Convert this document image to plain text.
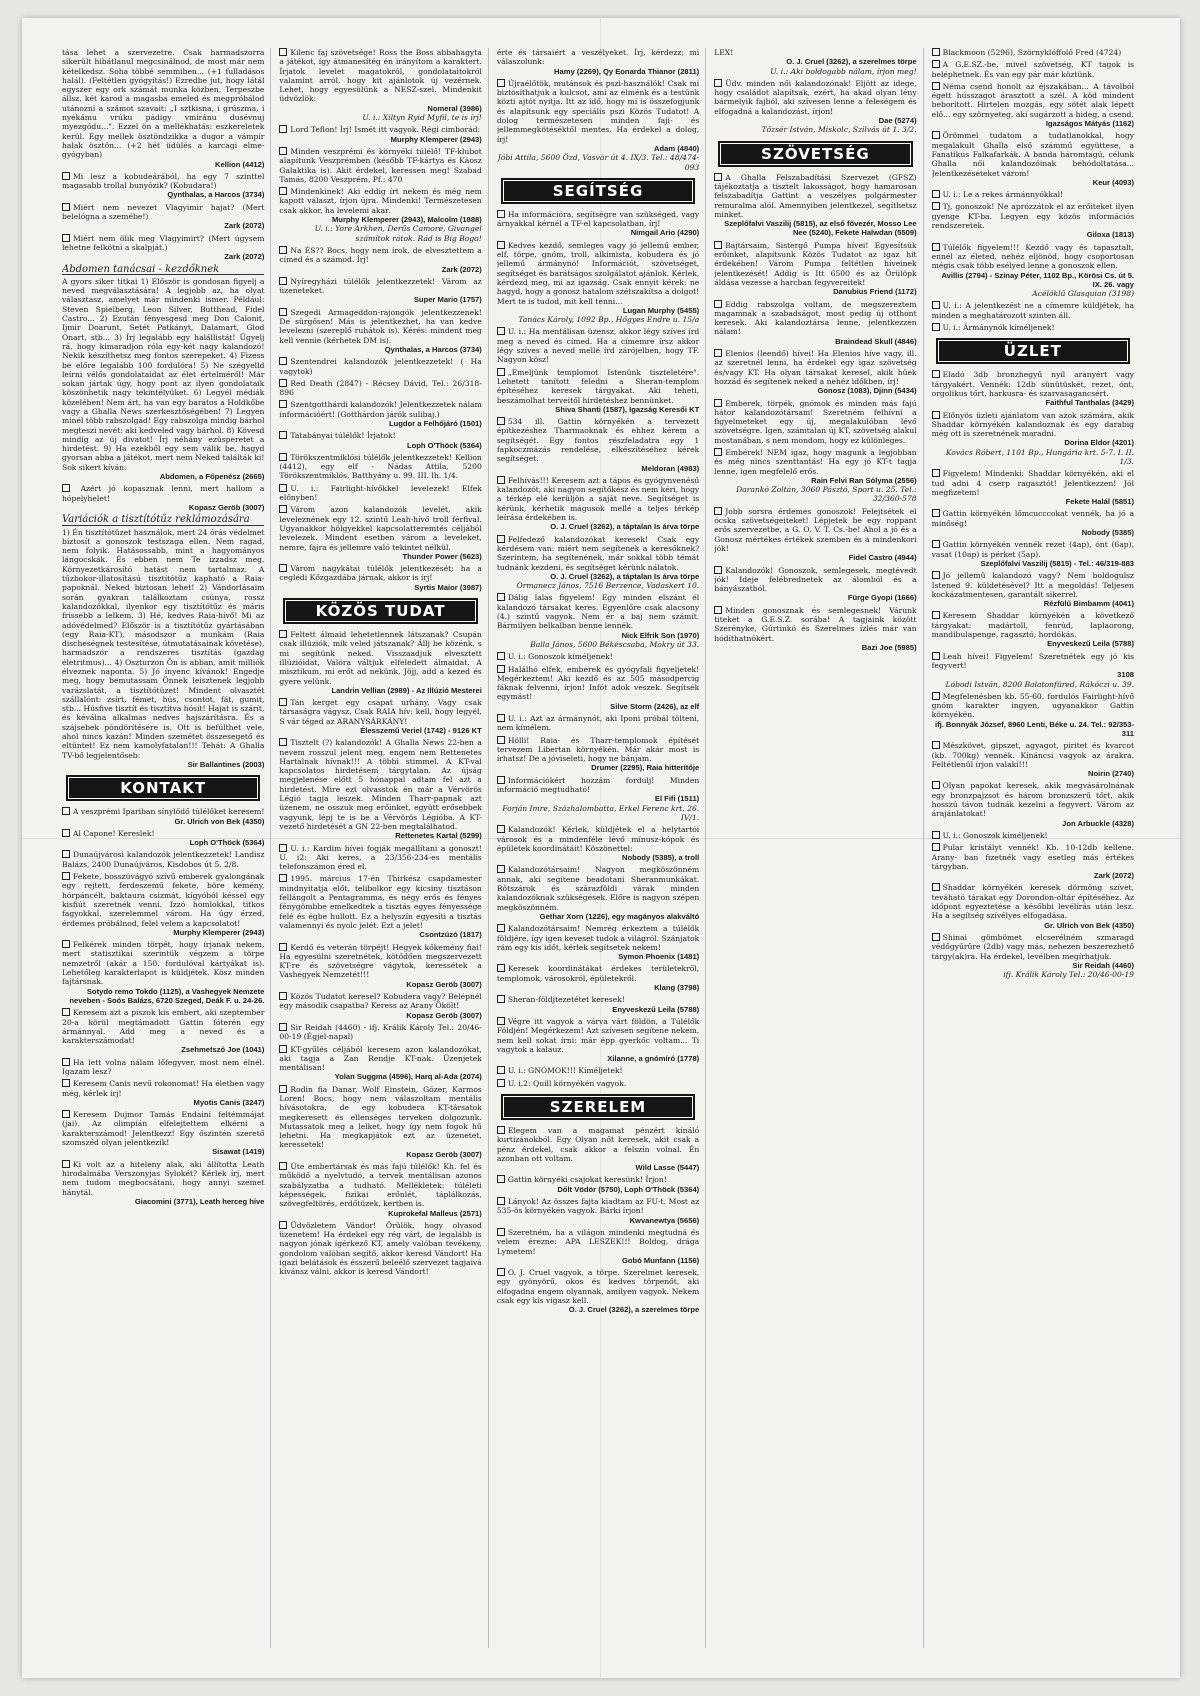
tása lehet a szervezetre. Csak harmadszorra sikerült hibátlanul megcsinálnod, de most már nem kételkedsz. Soha többé semmiben... (+1 fulladásos halál). (Feltétlen gyógyítás!) Ezredbe jut, hogy látál egyszer egy ork számát munka közben. Terpeszbe állsz, két karod a magasba emeled és megpróbálod utánozni a számot szavait: „I sztkisna, i grúszma, i nyékámu vrúku pádigy vmiránu dusévnuj myezgódu...". Ezzel ön a mellékhatás: eszkereletek kerül. Egy mellek ösztöndzikka a dugor a vámpír halak ösztön... (+2 hét üdülés a karcagi elme-gyógyban)
Kellion (4412)
Mi lesz a kobudeárából, ha egy 7 szinttel magasabb trollal bunyózik? (Kobudara!)
Qynthalas, a Harcos (3734)
Miért nem nevezet Vlagyimir hajat? (Mert belelógna a szemébe!)
Zark (2072)
Miért nem ölik meg Vlagyimirt? (Mert úgysem lehetne felkötni a skalpját.)
Zark (2072)
Abdomen tanácsai - kezdőknek
A gyors siker titkai 1) Először is gondosan figyelj a neved megválasztására! A legjobb az, ha olyat választasz, amelyet már mindenki ismer. Például: Steven Spielberg, Leon Silver, Butthead, Fidel Castro... 2) Ezután fényesgesd meg Don Calonit, Ijmir Doarunt, Setét Patkányt, Dalamart, Glod Onart, stb... 3) Írj legalább egy halállistát! Ügyelj rá, hogy kimaradjon róla egy-két nagy kalandozó! Nekik készíthetsz meg fontos szerepeket. 4) Fizess be előre legalább 100 fordulóra! 5) Ne szégyelld leírni vélős gondolataidat az élet értelméről! Már sokan jártak úgy, hogy pont az ilyen gondolataik köszönhetik nagy tekintélyüket. 6) Legyél médiák közelében! Nem árt, ha van egy barátos a Holdkőbe vagy a Ghalla News szerkesztőségében! 7) Legyen minél több rabszolgád! Egy rabszolga mindig bárhol megteszi nevét: aki kedveled vagy bárhol. 8) Kövesd mindig az új divatot! Írj néhány ezüsperetet a hirdetést. 9) Ha ezekből egy sem válik be, hagyd gyorsan abba a játékot, mert nem Neked találták ki! Sok sikert kíván:
Abdomen, a Főpenész (2665)
Azért jó kopasznak lenni, mert hallom a hópelyhelet!
Kopasz Geröb (3007)
Variációk a tisztítótűz reklámozására
1) Én tisztítótüzet használok, mert 24 órás védelmet biztosít a gonoszok testszaga ellen. Nem ragad, nem folyik. Hatásossabb, mint a hagyományos lángocskák. És ebben nem Te izzadsz meg. Környezetkárosító hatást nem tartalmaz. A tűzbokor-illatosítású tisztítótűz kapható a Raia-papoknál. Neked biztosan lehet! 2) Vándorlásaim során gyakran találkoztam csúnya, rossz kalandozókkal, ilyenkor egy tisztítótűz és máris frissebb a lelkem. 3) Hé, kedves Raia-hívő! Mi az adóvédelmed? Először is a tisztítótűz gyártásában (egy Raia-KT), másodszor a munkám (Raia discheségnek testesítése, útmutatásainak követése), harmadszor a rendszeres tisztítás (gazdag életritmus)... 4) Oszturzon Ön is abban, amit milliók élveznek naponta. 5) Jó ínyenc kívánok! Engedje meg, hogy bemutassam Önnek leisztenek legjobb varázslatát, a tisztítótüzet! Mindent olvasztét szállalónt: zsírt, fémet, hús, csontot, fát, gumit, stb... Húsfive tisztít és tisztítva hósít! Hajat is szárít, és kéválna alkalmas nedves hajszárításra. És a szájsebek póndörítésére is. Ott is befúlthet vele, ahol nincs kazán! Minden szemétet összesegető és eltüntet! Ez nem kamolyfatalan!!! Tehát: A Ghalla TV-bő legjelentőseb:
Sir Ballantines (2003)
KONTAKT
A veszprémi Ipariban sínylődő túlélőket keresem!
Gr. Ulrich von Bek (4350)
Al Capone! Kereslek!
Loph O'Thöck (5364)
Dunaújvárosi kalandozók jelentkezzetek! Landisz Balázs, 2400 Dunaújváros, Kisdobos út 5. 2/8.
Fekete, bosszúvágyó szívű emberek gyalongának egy rejtett, ferdeszemű fekete, böre kemény, hórpáncélt, baktaura csizmát, kígyóból késsel egy kisfiút szeretnék venni. Izzó homlokkal, titkos fagyokkal, szerelemmel várom. Ha úgy érzed, érdemes próbálnod, felel velem a kapcsolatot!
Murphy Klemperer (2943)
Felkérek minden törpét, hogy írjanak nekem, mert statisztikai szerintük végzem a törpe nemzetről (akár a 150. fordulóval kártyákat is). Lehetőleg karakterlapot is küldjétek. Kösz minden fajtársnak.
Sotydo remo Tokdo (1125), a Vashegyek Nemzete neveben - Soós Balázs, 6720 Szeged, Deák F. u. 24-26.
Keresem azt a piszok kis embert, aki szeptember 20-a körül megtámadott Gattin fóterén egy ármánnyal. Add meg a neved és a karakterszámodat!
Zsehmetszó Joe (1041)
Ha lett volna nálam lőfegyver, most nem élnél. Igazam lesz?
Keresem Canis nevű rokonomat! Ha életben vagy még, kérlek írj!
Myotis Canis (3247)
Keresem Dujmor Tamás Endaini feltémmájat (jai). Az olimpián elfelejtettem elkérni a karakterszámod! Jelentkezz! Egy őszintén szerető szomszéd olyan jelentkezik!
Sisawat (1419)
Ki volt az a hiteleny alak, aki állította Leath hirodalmába Verszonyjas Sylokét? Kérlek írj, mert nem tudom megbocsátani, hogy annyi szemet hánytál.
Giacomini (3771), Leath herceg híve
Kilenc faj szövetsége! Ross the Boss abbahagyta a játékot, így átmanesítég én irányítom a karaktert. Írjatok levelet magatokról, gondolataitokról valamint arról, hogy kit ajánlotok új vezérnek. Lehet, hogy egyesülünk a NESZ-szel. Mindenkit üdvözlök:
Nomeral (3986)
U. i.: Xiltyn Ryid Myfil, te is írj!
Lord Teflon! Írj! Ismét itt vagyok. Régi cimborád:
Murphy Klemperer (2943)
Minden veszprémi és környéki túlélő! TF-klubot alapítunk Veszprémben (később TF-kártya és Káosz Galaktika is). Akit érdekel, keressen meg! Szabad Tamás, 8200 Veszprém, Pf.: 470
Mindenkinek! Aki eddig írt nekem és még nem kapott választ, írjon újra. Mindenki! Természetesen csak akkor, ha levelemi akar.
Murphy Klemperer (2943), Malcolm (1888)
U. i.: Yore Arkhen, Derűs Camore, Givangel számítok rátok. Rád is Big Bogo!
Na ÉS?? Bocs, hogy nem írok, de elvesztettem a címed és a számod. Írj!
Zark (2072)
Nyíregyházi túlélők jelentkezzetek! Várom az üzeneteket.
Super Mario (1757)
Szegedi Armageddon-rajongók jelentkezzenek! De sürgősen! Más is jelentkezhet, ha van kedve levelezni (szereplő ruhátok is). Kérés: mindent meg kell vennie (kérhetek DM is).
Qynthalas, a Harcos (3734)
Szentendrei kalandozók jelentkezzetek! ( Ha vagytok)
Red Death (2847) - Récsey Dávid, Tel.: 26/318-896
Szentgotthárdi kalandozók! Jelentkezzetek nálam információért! (Gotthárdon járók sulibaj.)
Lugdor a Felhőjáró (1501)
Tatabányai túlélők! Írjatok!
Loph O'Thöck (5364)
Törökszentmiklósi túlélők jelentkezzetek! Kellion (4412), egy elf - Nádas Attila, 5200 Törökszentmiklós, Batthyány u. 99. III. lh. 1/4.
U. i.: Fairlight-hívőkkel levelezek! Elfek előnyben!
Várom azon kalandozók levelét, akik leveleznének egy 12. szintű Leah-hívő troll férfival. Ugyanakkor hölgyekkel kapcsolatteremtés céljából levelezek. Mindent esetben várom a leveleket, nemre, fajra és jellemre való tekintet nélkül.
Thunder Power (5623)
Várom nagykátai túlélők jelentkezését; ha a ceglédi Kőzgazdába járnak, akkor is írj!
Syrtis Maior (3987)
KÖZÖS TUDAT
Feltett álmaid lehetetlennek látszanak? Csupán csak illúziók, mik veled játszanak? Állj be közénk, s mi segítünk neked. Visszaadjuk elvesztett illúzióidat, Valóra váltjuk elfeledett álmaidat. A misztikum, mi erőt ad nekünk, Jöjj, add a kezed és gyere velünk.
Landrin Vellian (2989) - Az Illúzió Mesterei
Tán kerget egy csapat urhány, Vagy csak társaságra vágysz, Csak RAIA hív: kell, hogy legyél, S vár téged az ARANYSÁRKÁNY!
Élesszemű Veriel (1742) - 9126 KT
Tisztelt (?) kalandozók! A Ghalla News 22-ben a nevem rosszul jelent meg, engem nem Rettenetes Hartalnak hívnak!!! A többi stimmel. A KT-val kapcsolatos hirdetésem tárgytalan. Az újság megjelenése előtt 5 hónappal adtam fel azt a hirdetést. Mire ezt olvasstok én már a Vérvörös Légió tagja leszek. Minden Tharr-papnak azt üzenem, ne osszuk meg erőinket, együtt erősebbek vagyunk, lépj te is be a Vérvörös Légióba. A KT-vezető hirdetését a GN 22-ben megtalálhatod.
Rettenetes Kartal (5299)
U. i.: Kardim hívei fogják megállítani a gonoszt! U. i2: Aki keres, a 23/356-234-es mentális telefonszámon éred el.
1995. március 17-én Thirkész csapdamester mindnyitatja előt, telibolkor egy kicsiny tisztáson fellángolt a Pentagramma, és négy erős és fényes fénygömbbe emelkedtek a tisztás egyes fényessége felé és égbe hullott. Ez a helyszín egyesíti a tisztás valamennyi és nyolc jelét. Ezt a jelet!
Csontzúzó (1817)
Kerdő és veterán törpéjt! Hegyek kőkemény fiai! Ha egyesülni szeretnétek, kötődően megszervezett KT-re és szövetségre vágytok, keressétek a Vashegyek Nemzetét!!!
Kopasz Geröb (3007)
Közös Tudatot keresel? Kobudera vagy? Belépnél egy második csapatba? Keress az Arany Ökölt!
Kopasz Geröb (3007)
Sir Reidah (4460) - ifj. Králik Károly Tel.: 20/46-00-19 (Égjel-napal)
KT-gyűlés céljából keresem azon kalandozókat, aki tagja a Zan Rendje KT-nak. Üzenjetek mentálisan!
Yolan Suggma (4596), Harq al-Ada (2074)
Rodin fia Danar, Wolf Einstein, Gózer, Karmos Loren! Bocs, hogy nem válaszoltam mentális hívásotokra, de egy kobudera KT-társatok megkeresett és ellenséges terveken dolgozunk. Mutassatok meg a lelket, hogy így nem fogok hű lehetni. Ha megkapjátok ezt az üzenetet, keressetek!
Kopasz Geröb (3007)
Úte embertársak és más fajú túlélők! Kh. fel és működő a nyelvtudó, a tervek mentálisan azonos szabályzatba a tudható. Mellékletek: túléleti képességek, fizikai erőnlét, táplálkozás, szövegfeltörés, erdőtüzek, kertben is.
Kuprokefal Malleus (2571)
Üdvözletem Vándor! Örülök, hogy olvasod üzenetem! Ha érdekel egy rég várt, de legalább is nagyon jónak ígérkező KT, amely valóban tevékeny, gondolom valóban segítő, akkor keresd Vándort! Ha igazi belátások és ésszerű beleélő szervezet tagjaivá kívánsz válni, akkor is keresd Vándort!
érte és társaiért a veszélyeket. Írj, kérdezz; mi válaszolunk:
Hamy (2269), Qy Eonarda Thianor (2811)
Újraélőtök, mutánsok és pszi-használók! Csak mi biztosíthatjuk a kulcsot, ami az elménk és a testünk közti ajtót nyitja. Itt az idő, hogy mi is összefogjunk és alapítsunk egy speciális pszi Közös Tudatot! A dolog természetesen minden faji- és jellemmegkötéséktől mentes. Ha érdekel a dolog, írj!
Adam (4840)
Jóbi Attila, 5600 Özd, Vasvár út 4. IX/3. Tel.: 48/474-093
SEGÍTSÉG
Ha információra, segítségre van szükséged, vagy árnyakkal kérnél a TF-el kapcsolatban, írj!
Nimgail Ario (4290)
Kedves kezdő, semleges vagy jó jellemű ember, elf, törpe, gnóm, troll, alkimista, kobudera és jó jellemű ármánynó! Információt, szövetséget, segítséget és barátságos szolgálatot ajánlok. Kérlek, kérdezd meg, mi az igazság. Csak ennyit kérek: ne hagyd, hogy a gonosz hatalom szétszakítsa a dolgot! Mert te is tudod, mit kell tenni...
Lugan Murphy (5455)
Tanács Károly, 1092 Bp., Hőgyes Endre u. 15/a
U. i.: Ha mentálisan üzensz, akkor légy szíves írd meg a neved és címed. Ha a címemre írsz akkor légy szíves a neved mellé írd zárójelben, hogy TF. Nagyon kösz!
„Emeljünk templomot Istenünk tiszteletére". Lehetett tanított feledni a Sheran-templom építéséhez keresek tárgyakat. Aki teheti, beszámolhat terveitől hirdetéshez bennünket.
Shiva Shanti (1587), Igazság Keresői KT
534 ill. Gattin környékén a tervezett építkezéshez Tharmaoknak és ehhez kérem a segítségét. Egy fontos részfeladatra egy 1 fapkoczmázás rendelése, elkészítéséhez kérek segítséget.
Meldoran (4983)
Felhívás!!! Keresem azt a tápos és gyógynvenésű kalandozót, aki nagyon segítőkész és nem kéri, hogy a térkép elé kerüljön a saját neve. Segítséget is kérünk, kérhetik mágusok mellé a teljes térkép leírása érdekében is.
O. J. Cruel (3262), a táptalan Is árva törpe
Felfedező kalandozókat keresek! Csak egy kérdésem van: miért nem segítenek a keresőknek? Szerintem, ha segítenének, már sokkal több témát tudnánk kezdeni, és segítséget kérünk nálatok.
O. J. Cruel (3262), a táptalan Is árva törpe
Ormanecz János, 7516 Berzence, Vadaskert 10.
Dálig lalas figyelem! Egy minden elszánt él kalandozó társakat keres. Egyenlőre csak alacsony (4.) szintű vagyok. Nem ér a baj nem számít. Bármilyen belkalban benne lennék.
Nick Elfrik Son (1970)
Balla János, 5600 Békéscsaba, Mokry út 33.
U. i.: Gonoszok kíméljenek!
Halálhó elfek, emberek és gyógyfali figyeljetek! Megérkeztem! Aki kezdő és az 505 másodpercig fáknak felvenni, írjon! Infót adok veszek. Segítsék egymást!
Silve Storm (2426), az elf
U. i.: Azt az ármánynót, aki Iponi próbál tölteni, nem kímélem.
Hölli! Raia- és Tharr-templomok építését tervezem Libertan környékén. Már akár most is írhatsz! De a jóviseleti, hogy ne bánjam.
Drumer (2295), Raia hitterítője
Információkért hozzám fordulj! Minden információ megtudható!
El Fifi (1511)
Forján Imre, Százhalombatta, Erkel Ferenc krt. 26. IV/1.
Kalandozók! Kérlek, küldjétek el a helytartói városok és a mindenféle lévő mínusz-kópok és épületek koordinátáit! Köszönettel:
Nobody (5385), a troll
Kalandozótársaim! Nagyon megköszönném annak, aki segítene beadotani Sheranmunkákat. Rőtszárok és szárazföldi várak minden kalandozóknak szükségesek. Előre is nagyon szépen megköszönném.
Gethar Xorn (1226), egy magányos alakváltó
Kalandozótársaim! Nemrég érkeztem a túlélők földjére, így igen keveset tudok a világról. Szánjatok rám egy kis időt, kérlek segítsetek nekem!
Symon Phoenix (1481)
Keresek koordinátákat érdekes területekről, templomok, városokról, épületekről.
Klang (3798)
Sheran-földjtezetétet keresek!
Enyveskezű Leila (5788)
Végre itt vagyok a várva várt földön, a Túlélők Földjén! Megérkezem! Azt szívesen segítene nekem, nem kell sokat írni: már épp gyerkőc voltam... Ti vagytok a kalauz.
Xilanne, a gnómíró (1778)
U. i.: GNÓMOK!!! Kíméljetek!
U. i.2: Quill környékén vagyok.
SZERELEM
Elegem van a magamat pénzért kínáló kurtizánokból. Egy Olyan nőt keresek, akit csak a pénz érdekel, csak akkor a felszín volnal. Én azonban ott voltam.
Wild Lasse (5447)
Gattin környéki csajokat keresünk! Írjon!
Dőlt Vödör (5750), Loph O'Thöck (5364)
Lányok! Az összes fajta kiadtam az FU-t. Most az 535-ös környékén vagyok. Bárki írjon!
Kwvanewtya (5656)
Szeretném, ha a világon mindenki megtudná és velem érezne: APA LESZEK!!! Boldog, drága Lymetem!
Gobó Munfann (1156)
O. J. Cruel vagyok, a törpe. Szerelmet keresek, egy gyönyörű, okos és kedves törpenőt, aki elfogadna engem olyannak, amilyen vagyok. Nekem csak egy kis vigasz kell.
O. J. Cruel (3262), a szerelmes törpe
LEX!
O. J. Cruel (3262), a szerelmes törpe
U. i.: Aki boldogabb nálam, írjon meg!
Üdv. minden női kalandozónak! Eljött az idege, hogy családot alapítsak, ezért, ha akad olyan lény bármelyik fajból, aki szívesen lenne a feleségem és elfogadná a kalandozást, írjon!
Dae (5274)
Tőzsér István, Miskolc, Szilvás út 1. 3/2.
SZÖVETSÉG
A Ghalla Felszabadítási Szervezet (GFSZ) tájékoztatja a tisztelt lakosságot, hogy hamarosan felszabadítja Gattint a veszélyes polgármester remuralma alól. Amennyiben jelentkezel, segíthetsz minket.
Szeplőfalvi Vaszilij (5815), az első fővezér, Mosso Lee Nee (5240), Fekete Halwdan (5509)
Bajtársaim, Sistergő Pumpa hívei! Egyesítsük erőinket, alapítsunk Közös Tudatot az igaz hit érdekében! Várom Pumpa feltétlen híveinek jelentkezését! Addig is Itt 6500 és az Örülöpk áldása vezesse a harcban fegyvereitek!
Danubius Friend (1172)
Eddig rabszolga voltam, de megszereztem magamnak a szabadságot, most pedig új otthont keresek. Aki kalandoztársa lenne, jelentkezzen nálam!
Braindead Skull (4846)
Elenios (leendő) hívei! Ha Elenios híve vagy, ill. az szeretnél lenni, ha érdekel egy igaz szövetség és/vagy KT. Ha olyan társakat keresel, akik hűek hozzád és segítenek neked a nehéz időkben, írj!
Gonosz (1083), Djinn (5434)
Emberek, törpék, gnómok és minden más fajú hátor kalandozótársam! Szeretném felhívni a figyelmeteket egy új, megalakulóban lévő szövetségre. Igen, számtalan új KT, szövetség alakul mostanában, s nem mondom, hogy ez különleges.
Embérek! NEM igaz, hogy magunk a legjobban és még nincs szenttantás! Ha egy jó KT-t tagja lenne, igen megfelelő erős.
Rain Felvi Ran Sólyma (2556)
Darankó Zoltán, 3060 Pásztó, Sport u. 25. Tel.: 32/360-578
Jobb sorsra érdemes gonoszok! Felejtsétek el ócska szövetségeiteket! Lépjetek be egy roppant erős szervezetbe, a G. O. V. T. Cs.-be! Ahol a jó és a Gonosz mértékes értékek szemben és a mindenkori jók!
Fidel Castro (4944)
Kalandozók! Gonoszok, semlegesek, megtévedt jók! Ideje felébrednetek az álomból és a bányászatból.
Fürge Gyopi (1666)
Minden gonosznak és semlegesnek! Várunk titeket a G.E.S.Z. sorába! A tagjaink között Szerényke, Gúrtinkó és Szerelmes ízlés már van hódíthatnókért.
Bazi Joe (5985)
Blackmoon (5296), Szörnyklóffolő Fred (4724)
A G.E.SZ.-be, mivel szövetség, KT tagok is beléphetnek. És van egy pár már köztünk.
Néma csend honolt az éjszakában... A távolból égett hússzagot árasztott a szél. A köd mindent beborított. Hirtelen mozgás, egy sötét alak lépett elő... egy szörnyeteg, aki sugárzott a hideg, a csend.
Igazságos Mátyás (1162)
Örömmel tudatom a tudatlanokkal, hogy megalakult Ghalla első számmű együttese, a Fanatikus Falkafarkák. A banda háromtagú, célunk Ghalla női kalandozóinak behódoltatása... Jelentkezéseteket várom!
Keur (4093)
U. i.: Le a rekes ármánnyókkal!
Tj, gonoszok! Ne aprózzátok el az erőiteket ilyen gyenge KT-ba. Legyen egy közös információs rendszeretek.
Giloxa (1813)
Túlélők figyelem!!! Kezdő vagy és tapasztalt, ennél az életed, nehéz eljönöd, hogy csoportosan mégis csak több esélyed lenne a gonoszok ellen.
Avillis (2794) - Szinay Péter, 1102 Bp., Körösi Cs. út 5. IX. 26. vagy
Acélöklű Glasquian (3198)
U. i.: A jelentkezést ne a címemre küldjétek, ha minden a meghatározott szinten áll.
U. i.: Ármánynók kíméljenek!
ÜZLET
Eladó 3db bronzhegyű nyíl aranyért vagy tárgyakért. Vennék: 12db sünütüskét, rezet, ónt, orgolikus tőrt, harkusra- és szarvasagancsért.
Faithful Tanthalas (3429)
Előnyös üzleti ajánlatom van azok számára, akik Shaddar környékén kalandoznak és egy darabig még ott is szeretnének maradni.
Dorina Eldor (4201)
Kovács Róbert, 1101 Bp., Hungária krt. 5-7. I. II. 1/3.
Figyelem! Mindenki: Shaddar környékén, aki el tud adni 4 cserp ragasztót! Jelentkezzen! Jól megfizetem!
Fekete Halál (5851)
Gattin környékén lőmcucccokat vennék, ha jó a minőség!
Nobody (5385)
Gattin környékén vennék rezet (4ap), ónt (6ap), vasat (10ap) is pérket (5ap).
Szeplőfalvi Vaszilij (5815) - Tel.: 46/319-883
Jó jellemű kalandozó vagy? Nem boldogulsz Istened 9. küldetésével? Itt a megoldás! Teljesen kockázatmentesen, garantált sikerrel.
Rézfülű Bimbamm (4041)
Keresem Shaddar környékén a következő tárgyakat: madártoll, fenrúd, laplaorong, mandibulapenge, ragasztó, hordókás.
Enyveskezű Leila (5788)
Leah hívei! Figyelem! Szeretnétek egy jó kis fegyvert!
3108
Lóbodi István, 8200 Balatonfüred, Rákóczi u. 39.
Megfelenésben kb. 55-60. fordulós Fairlight-hívő gnóm karakter ingyen, ugyanakkor Gattin környékén.
ifj. Bonnyák József, 8960 Lenti, Béke u. 24. Tel.: 92/353-311
Mészkövet, gipszet, agyagot, piritet és kvarcot (kb. 700kg) vennék. Kínáncsi vagyok az árakra. Feltétlenül írjon valaki!!!
Noirin (2740)
Olyan papokat keresek, akik megvásárolnának egy bronzpajzsot és három bronzszerű tőrt, akik hosszú távon tudnák kezelni a fegyvert. Várom az árajánlatokat!
Jon Arbuckle (4328)
U. i.: Gonoszok kíméljenek!
Pular kristályt vennék! Kb. 10-12db kellene. Arany- ban fizetnék vagy esetleg más értékes tárgyban.
Zark (2072)
Shaddar környékén keresek dörmöng szívet, teváható tárakat egy Dorondon-oltár építéséhez. Az időpont egyeztetése a későbbi levélírás után lesz. Ha a segítség szívélyes elfogadása.
Gr. Ulrich von Bek (4350)
Shinai gömbömet elcserélném szmaragd védőgyűrűre (2db) vagy más, nehezen beszerezhető tárgy(ak)ra. Ha érdekel, levélben megírhatjuk.
Sir Reidah (4460)
ifj. Králik Károly Tel.: 20/46-00-19
